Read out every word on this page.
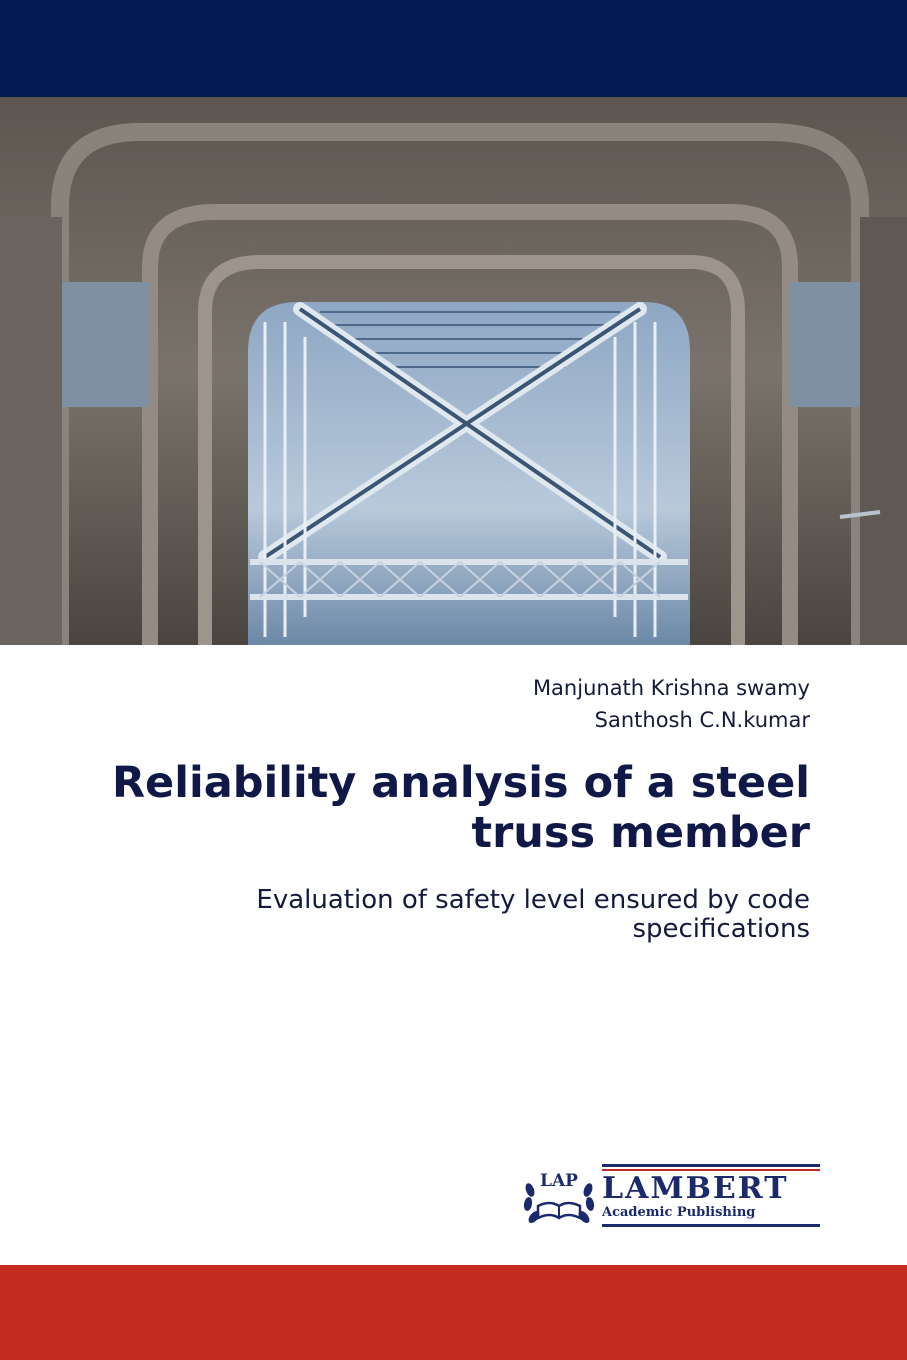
Manjunath Krishna swamy
Santhosh C.N.kumar
Reliability analysis of a steel truss member

Evaluation of safety level ensured by code specifications

LAP LAMBERT
Academic Publishing
